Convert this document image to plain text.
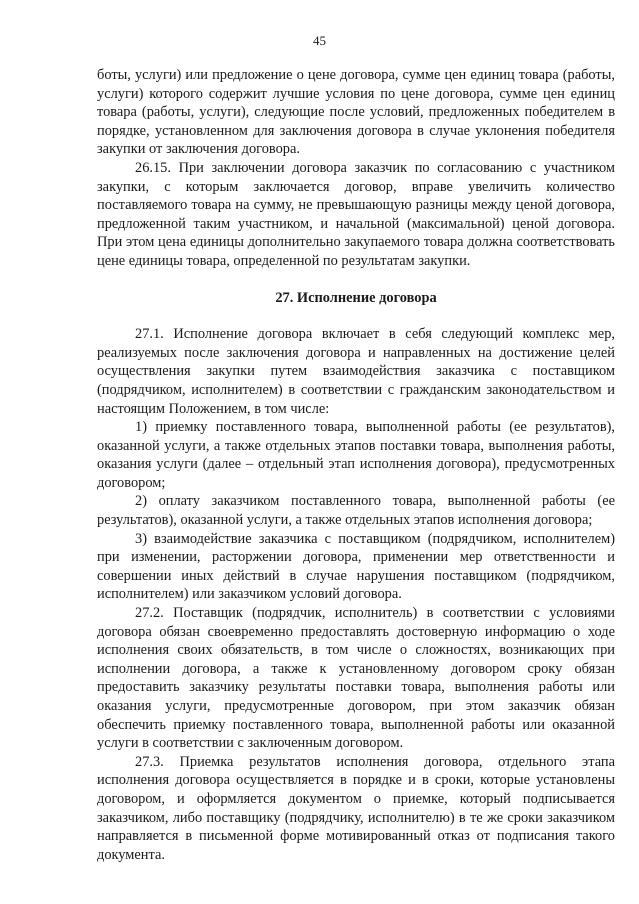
45

боты, услуги) или предложение о цене договора, сумме цен единиц товара (работы, услуги) которого содержит лучшие условия по цене договора, сумме цен единиц товара (работы, услуги), следующие после условий, предложенных победителем в порядке, установленном для заключения договора в случае уклонения победителя закупки от заключения договора.

26.15. При заключении договора заказчик по согласованию с участником закупки, с которым заключается договор, вправе увеличить количество поставляемого товара на сумму, не превышающую разницы между ценой договора, предложенной таким участником, и начальной (максимальной) ценой договора. При этом цена единицы дополнительно закупаемого товара должна соответствовать цене единицы товара, определенной по результатам закупки.

27. Исполнение договора

27.1. Исполнение договора включает в себя следующий комплекс мер, реализуемых после заключения договора и направленных на достижение целей осуществления закупки путем взаимодействия заказчика с поставщиком (подрядчиком, исполнителем) в соответствии с гражданским законодательством и настоящим Положением, в том числе:

1) приемку поставленного товара, выполненной работы (ее результатов), оказанной услуги, а также отдельных этапов поставки товара, выполнения работы, оказания услуги (далее – отдельный этап исполнения договора), предусмотренных договором;

2) оплату заказчиком поставленного товара, выполненной работы (ее результатов), оказанной услуги, а также отдельных этапов исполнения договора;

3) взаимодействие заказчика с поставщиком (подрядчиком, исполнителем) при изменении, расторжении договора, применении мер ответственности и совершении иных действий в случае нарушения поставщиком (подрядчиком, исполнителем) или заказчиком условий договора.

27.2. Поставщик (подрядчик, исполнитель) в соответствии с условиями договора обязан своевременно предоставлять достоверную информацию о ходе исполнения своих обязательств, в том числе о сложностях, возникающих при исполнении договора, а также к установленному договором сроку обязан предоставить заказчику результаты поставки товара, выполнения работы или оказания услуги, предусмотренные договором, при этом заказчик обязан обеспечить приемку поставленного товара, выполненной работы или оказанной услуги в соответствии с заключенным договором.

27.3. Приемка результатов исполнения договора, отдельного этапа исполнения договора осуществляется в порядке и в сроки, которые установлены договором, и оформляется документом о приемке, который подписывается заказчиком, либо поставщику (подрядчику, исполнителю) в те же сроки заказчиком направляется в письменной форме мотивированный отказ от подписания такого документа.
